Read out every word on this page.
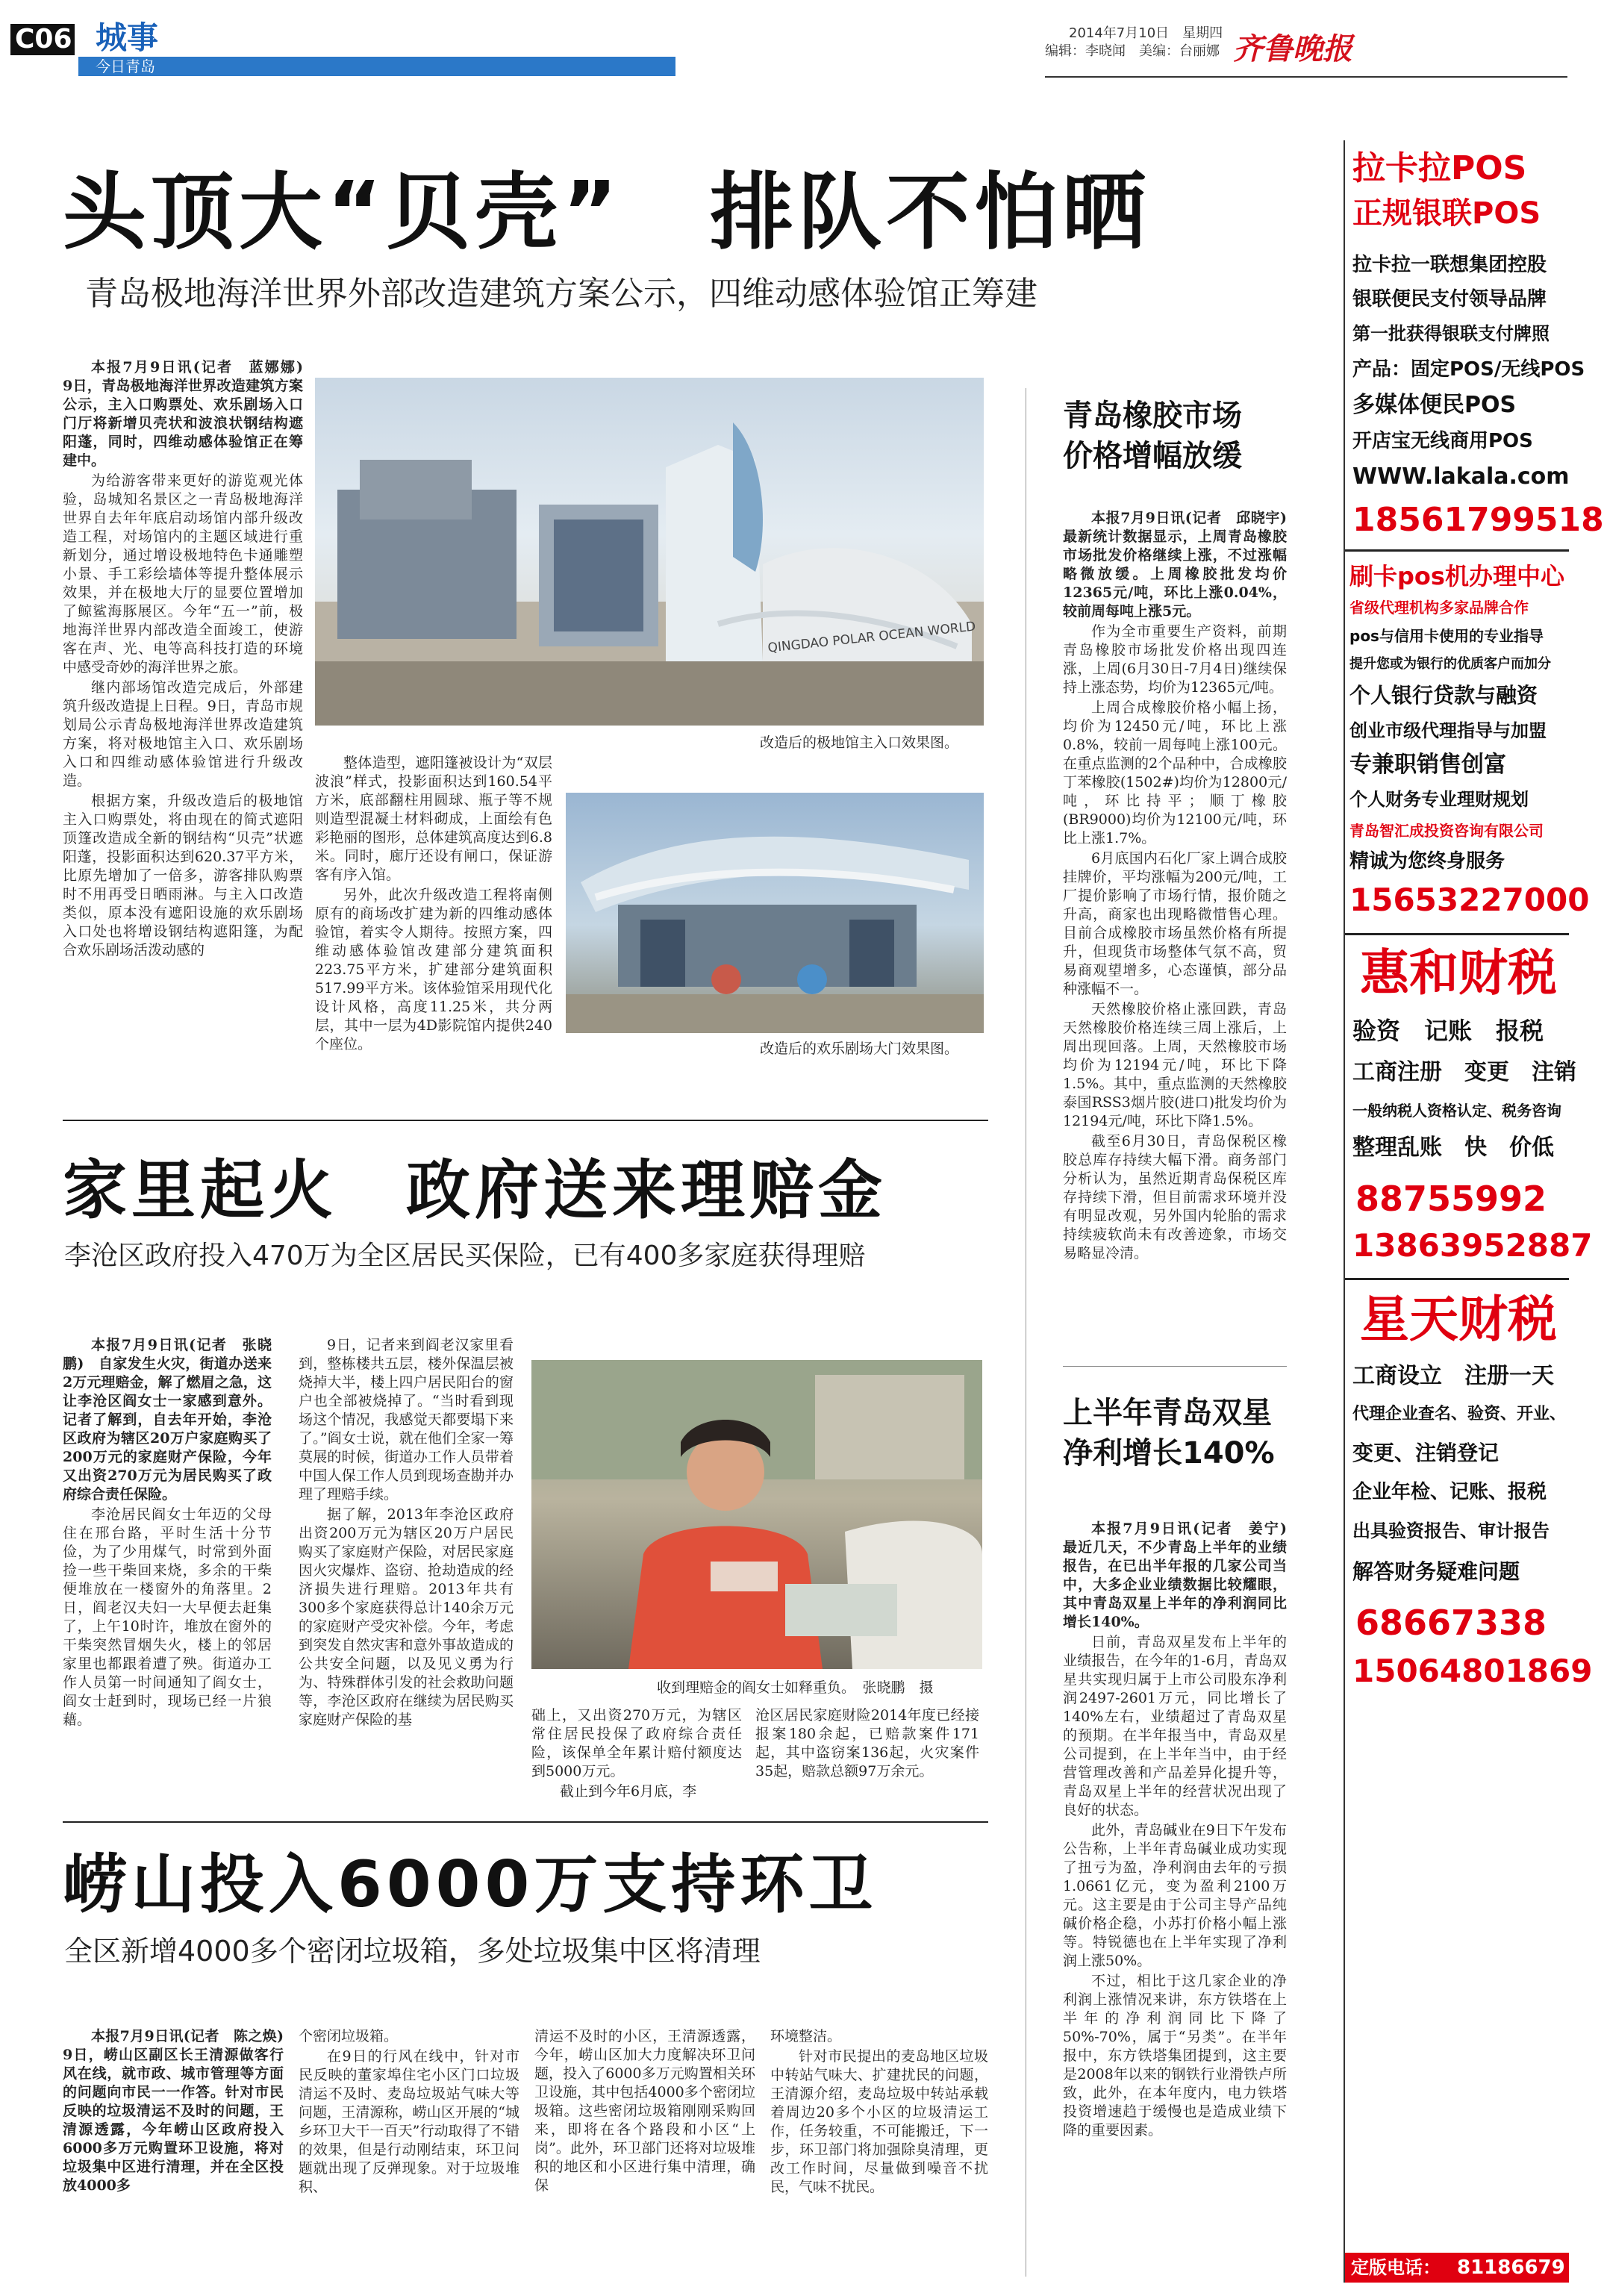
C06 城事
今日青岛
2014年7月10日　星期四
编辑：李晓闻　美编：台丽娜 齐鲁晚报
头顶大“贝壳”　排队不怕晒
青岛极地海洋世界外部改造建筑方案公示，四维动感体验馆正筹建

本报7月9日讯(记者　蓝娜娜)　9日，青岛极地海洋世界改造建筑方案公示，主入口购票处、欢乐剧场入口门厅将新增贝壳状和波浪状钢结构遮阳蓬，同时，四维动感体验馆正在筹建中。

为给游客带来更好的游览观光体验，岛城知名景区之一青岛极地海洋世界自去年年底启动场馆内部升级改造工程，对场馆内的主题区域进行重新划分，通过增设极地特色卡通雕塑小景、手工彩绘墙体等提升整体展示效果，并在极地大厅的显要位置增加了鲸鲨海豚展区。今年“五一”前，极地海洋世界内部改造全面竣工，使游客在声、光、电等高科技打造的环境中感受奇妙的海洋世界之旅。

继内部场馆改造完成后，外部建筑升级改造提上日程。9日，青岛市规划局公示青岛极地海洋世界改造建筑方案，将对极地馆主入口、欢乐剧场入口和四维动感体验馆进行升级改造。

根据方案，升级改造后的极地馆主入口购票处，将由现在的简式遮阳顶篷改造成全新的钢结构“贝壳”状遮阳蓬，投影面积达到620.37平方米，比原先增加了一倍多，游客排队购票时不用再受日晒雨淋。与主入口改造类似，原本没有遮阳设施的欢乐剧场入口处也将增设钢结构遮阳篷，为配合欢乐剧场活泼动感的

QINGDAO POLAR OCEAN WORLD
改造后的极地馆主入口效果图。

整体造型，遮阳篷被设计为“双层波浪”样式，投影面积达到160.54平方米，底部翻柱用圆球、瓶子等不规则造型混凝土材料砌成，上面绘有色彩艳丽的图形，总体建筑高度达到6.8米。同时，廊厅还设有闸口，保证游客有序入馆。

另外，此次升级改造工程将南侧原有的商场改扩建为新的四维动感体验馆，着实令人期待。按照方案，四维动感体验馆改建部分建筑面积223.75平方米，扩建部分建筑面积517.99平方米。该体验馆采用现代化设计风格，高度11.25米，共分两层，其中一层为4D影院馆内提供240个座位。	改造后的欢乐剧场大门效果图。
青岛橡胶市场
价格增幅放缓

本报7月9日讯(记者　邱晓宇)　最新统计数据显示，上周青岛橡胶市场批发价格继续上涨，不过涨幅略微放缓。上周橡胶批发均价12365元/吨，环比上涨0.04%，较前周每吨上涨5元。

作为全市重要生产资料，前期青岛橡胶市场批发价格出现四连涨，上周(6月30日-7月4日)继续保持上涨态势，均价为12365元/吨。

上周合成橡胶价格小幅上扬，均价为12450元/吨，环比上涨0.8%，较前一周每吨上涨100元。在重点监测的2个品种中，合成橡胶丁苯橡胶(1502#)均价为12800元/吨，环比持平；顺丁橡胶(BR9000)均价为12100元/吨，环比上涨1.7%。

6月底国内石化厂家上调合成胶挂牌价，平均涨幅为200元/吨，工厂提价影响了市场行情，报价随之升高，商家也出现略微惜售心理。目前合成橡胶市场虽然价格有所提升，但现货市场整体气氛不高，贸易商观望增多，心态谨慎，部分品种涨幅不一。

天然橡胶价格止涨回跌，青岛天然橡胶价格连续三周上涨后，上周出现回落。上周，天然橡胶市场均价为12194元/吨，环比下降1.5%。其中，重点监测的天然橡胶泰国RSS3烟片胶(进口)批发均价为12194元/吨，环比下降1.5%。

截至6月30日，青岛保税区橡胶总库存持续大幅下滑。商务部门分析认为，虽然近期青岛保税区库存持续下滑，但目前需求环境并没有明显改观，另外国内轮胎的需求持续疲软尚未有改善迹象，市场交易略显冷清。

家里起火　政府送来理赔金
李沧区政府投入470万为全区居民买保险，已有400多家庭获得理赔

本报7月9日讯(记者　张晓鹏)　自家发生火灾，街道办送来2万元理赔金，解了燃眉之急，这让李沧区阎女士一家感到意外。记者了解到，自去年开始，李沧区政府为辖区20万户家庭购买了200万元的家庭财产保险，今年又出资270万元为居民购买了政府综合责任保险。

李沧居民阎女士年迈的父母住在邢台路，平时生活十分节俭，为了少用煤气，时常到外面捡一些干柴回来烧，多余的干柴便堆放在一楼窗外的角落里。2日，阎老汉夫妇一大早便去赶集了，上午10时许，堆放在窗外的干柴突然冒烟失火，楼上的邻居家里也都跟着遭了殃。街道办工作人员第一时间通知了阎女士，阎女士赶到时，现场已经一片狼藉。

9日，记者来到阎老汉家里看到，整栋楼共五层，楼外保温层被烧掉大半，楼上四户居民阳台的窗户也全部被烧掉了。“当时看到现场这个情况，我感觉天都要塌下来了。”阎女士说，就在他们全家一筹莫展的时候，街道办工作人员带着中国人保工作人员到现场查勘并办理了理赔手续。

据了解，2013年李沧区政府出资200万元为辖区20万户居民购买了家庭财产保险，对居民家庭因火灾爆炸、盗窃、抢劫造成的经济损失进行理赔。2013年共有300多个家庭获得总计140余万元的家庭财产受灾补偿。今年，考虑到突发自然灾害和意外事故造成的公共安全问题，以及见义勇为行为、特殊群体引发的社会救助问题等，李沧区政府在继续为居民购买家庭财产保险的基

收到理赔金的阎女士如释重负。　张晓鹏　摄

础上，又出资270万元，为辖区常住居民投保了政府综合责任险，该保单全年累计赔付额度达到5000万元。

截止到今年6月底，李

沧区居民家庭财险2014年度已经接报案180余起，已赔款案件171起，其中盗窃案136起，火灾案件35起，赔款总额97万余元。

上半年青岛双星
净利增长140%

本报7月9日讯(记者　姜宁)　最近几天，不少青岛上半年的业绩报告，在已出半年报的几家公司当中，大多企业业绩数据比较耀眼，其中青岛双星上半年的净利润同比增长140%。

日前，青岛双星发布上半年的业绩报告，在今年的1-6月，青岛双星共实现归属于上市公司股东净利润2497-2601万元，同比增长了140%左右，业绩超过了青岛双星的预期。在半年报当中，青岛双星公司提到，在上半年当中，由于经营管理改善和产品差异化提升等，青岛双星上半年的经营状况出现了良好的状态。

此外，青岛碱业在9日下午发布公告称，上半年青岛碱业成功实现了扭亏为盈，净利润由去年的亏损1.0661亿元，变为盈利2100万元。这主要是由于公司主导产品纯碱价格企稳，小苏打价格小幅上涨等。特锐德也在上半年实现了净利润上涨50%。

不过，相比于这几家企业的净利润上涨情况来讲，东方铁塔在上半年的净利润同比下降了50%-70%，属于“另类”。在半年报中，东方铁塔集团提到，这主要是2008年以来的钢铁行业滑铁卢所致，此外，在本年度内，电力铁塔投资增速趋于缓慢也是造成业绩下降的重要因素。

崂山投入6000万支持环卫
全区新增4000多个密闭垃圾箱，多处垃圾集中区将清理

本报7月9日讯(记者　陈之焕)　9日，崂山区副区长王清源做客行风在线，就市政、城市管理等方面的问题向市民一一作答。针对市民反映的垃圾清运不及时的问题，王清源透露，今年崂山区政府投入6000多万元购置环卫设施，将对垃圾集中区进行清理，并在全区投放4000多

个密闭垃圾箱。

在9日的行风在线中，针对市民反映的董家埠住宅小区门口垃圾清运不及时、麦岛垃圾站气味大等问题，王清源称，崂山区开展的“城乡环卫大干一百天”行动取得了不错的效果，但是行动刚结束，环卫问题就出现了反弹现象。对于垃圾堆积、

清运不及时的小区，王清源透露，今年，崂山区加大力度解决环卫问题，投入了6000多万元购置相关环卫设施，其中包括4000多个密闭垃圾箱。这些密闭垃圾箱刚刚采购回来，即将在各个路段和小区“上岗”。此外，环卫部门还将对垃圾堆积的地区和小区进行集中清理，确保

环境整洁。

针对市民提出的麦岛地区垃圾中转站气味大、扩建扰民的问题，王清源介绍，麦岛垃圾中转站承载着周边20多个小区的垃圾清运工作，任务较重，不可能搬迁，下一步，环卫部门将加强除臭清理，更改工作时间，尽量做到噪音不扰民，气味不扰民。

拉卡拉POS
正规银联POS
拉卡拉一联想集团控股
银联便民支付领导品牌
第一批获得银联支付牌照
产品：固定POS/无线POS
多媒体便民POS
开店宝无线商用POS
WWW.lakala.com
18561799518
刷卡pos机办理中心
省级代理机构多家品牌合作
pos与信用卡使用的专业指导
提升您或为银行的优质客户而加分
个人银行贷款与融资
创业市级代理指导与加盟
专兼职销售创富
个人财务专业理财规划
青岛智汇成投资咨询有限公司
精诚为您终身服务
15653227000
惠和财税
验资　记账　报税
工商注册　变更　注销
一般纳税人资格认定、税务咨询
整理乱账　快　价低
88755992
13863952887
星天财税
工商设立　注册一天
代理企业查名、验资、开业、
变更、注销登记
企业年检、记账、报税
出具验资报告、审计报告
解答财务疑难问题
68667338
15064801869
定版电话： 81186679
